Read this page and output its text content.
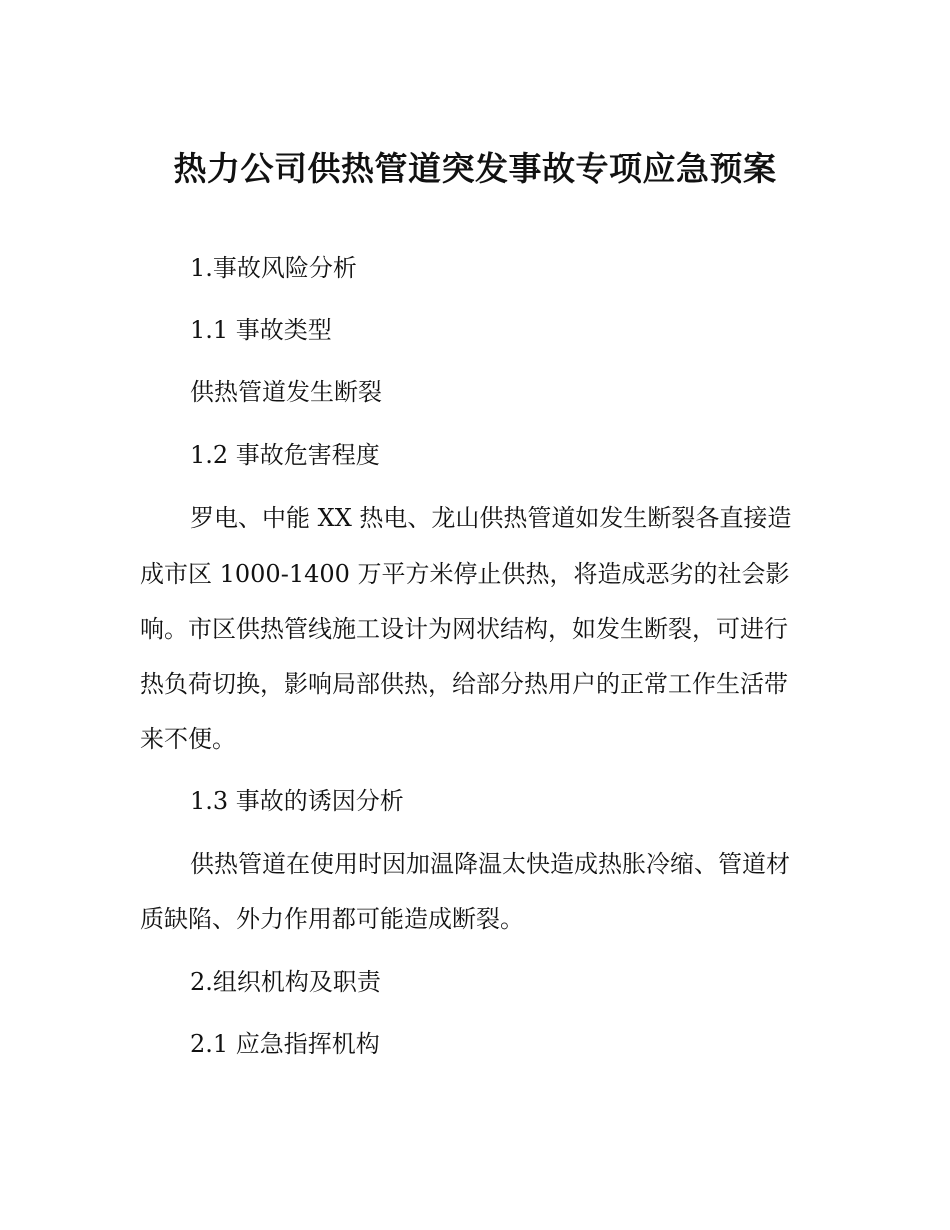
热力公司供热管道突发事故专项应急预案
1.事故风险分析
1.1 事故类型
供热管道发生断裂
1.2 事故危害程度
罗电、中能 XX 热电、龙山供热管道如发生断裂各直接造
成市区 1000-1400 万平方米停止供热，将造成恶劣的社会影
响。市区供热管线施工设计为网状结构，如发生断裂，可进行
热负荷切换，影响局部供热，给部分热用户的正常工作生活带
来不便。
1.3 事故的诱因分析
供热管道在使用时因加温降温太快造成热胀冷缩、管道材
质缺陷、外力作用都可能造成断裂。
2.组织机构及职责
2.1 应急指挥机构
